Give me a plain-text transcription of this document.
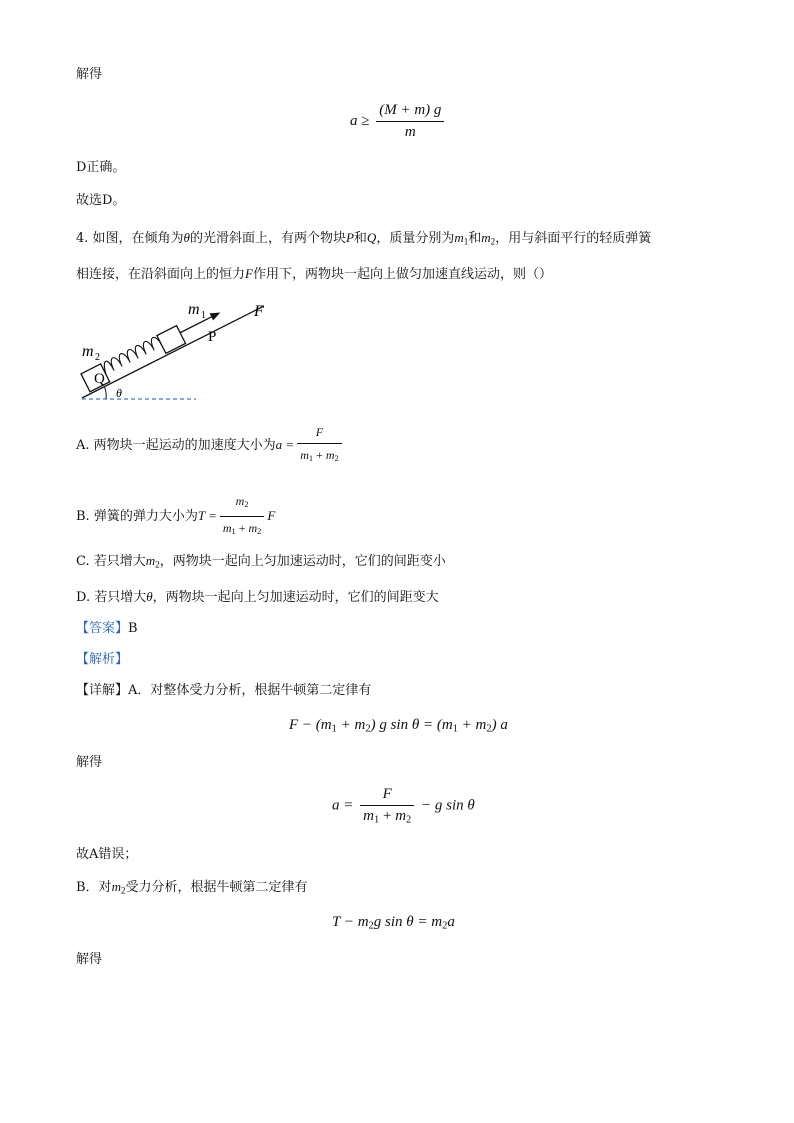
解得
$a \ge \frac{(M + m) g}{m}$
D正确。
故选D。
4. 如图，在倾角为θ的光滑斜面上，有两个物块P和Q，质量分别为$m_1$和$m_2$，用与斜面平行的轻质弹簧
相连接，在沿斜面向上的恒力F作用下，两物块一起向上做匀加速直线运动，则（）
Q
P
m 1	F
m 2
θ
A. 两物块一起运动的加速度大小为$a = \frac{F}{m_1 + m_2}$
B. 弹簧的弹力大小为$T = \frac{m_2}{m_1 + m_2}$ F
C. 若只增大$m_2$，两物块一起向上匀加速运动时，它们的间距变小
D. 若只增大θ，两物块一起向上匀加速运动时，它们的间距变大
【答案】B
【解析】
【详解】A．对整体受力分析，根据牛顿第二定律有
$F - (m_1 + m_2)$ g $\sin \theta = (m_1 + m_2)$ a
解得
$a = \frac{F}{m_1 + m_2} - g$ sin θ
故A错误；
B．对$m_2$受力分析，根据牛顿第二定律有
$T - m_2g$ $\sin \theta = m_2a$
解得
